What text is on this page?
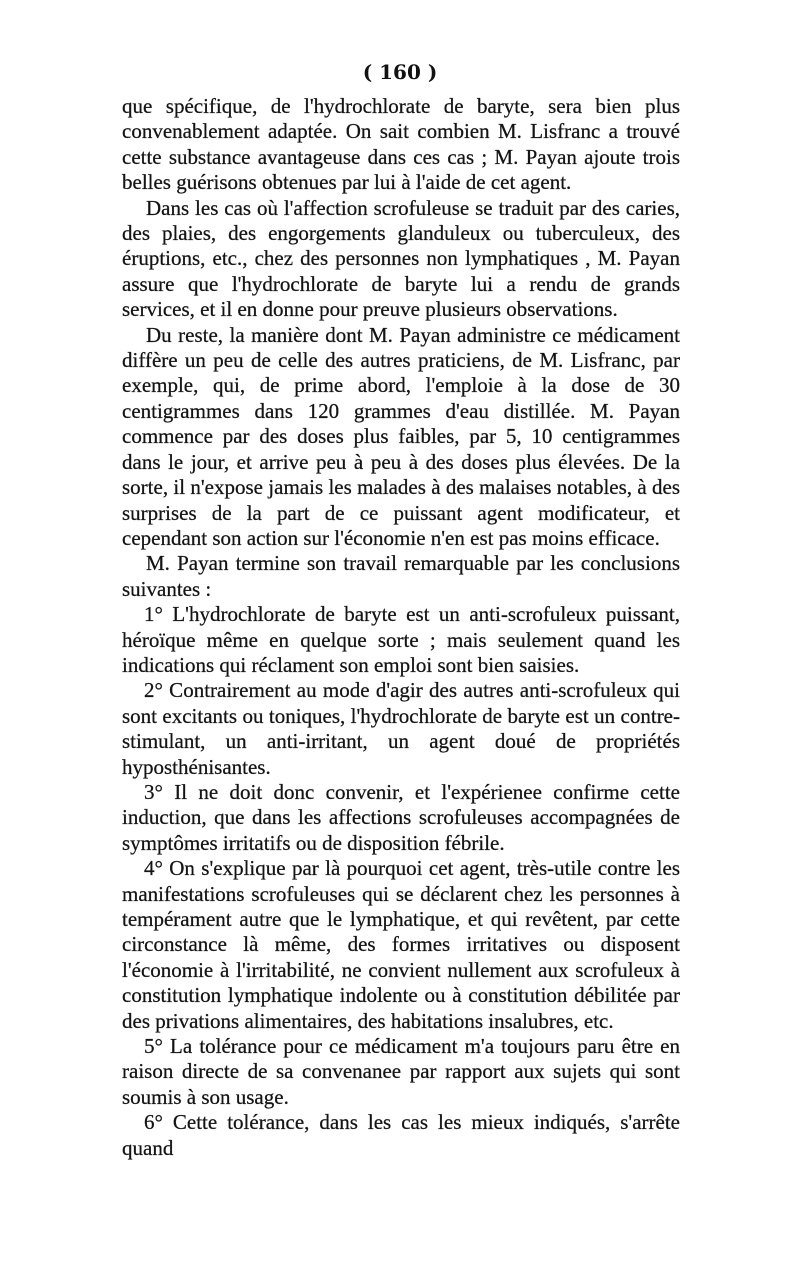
( 160 )

que spécifique, de l'hydrochlorate de baryte, sera bien plus convenablement adaptée. On sait combien M. Lisfranc a trouvé cette substance avantageuse dans ces cas ; M. Payan ajoute trois belles guérisons obtenues par lui à l'aide de cet agent.

Dans les cas où l'affection scrofuleuse se traduit par des caries, des plaies, des engorgements glanduleux ou tuberculeux, des éruptions, etc., chez des personnes non lymphatiques , M. Payan assure que l'hydrochlorate de baryte lui a rendu de grands services, et il en donne pour preuve plusieurs observations.

Du reste, la manière dont M. Payan administre ce médicament diffère un peu de celle des autres praticiens, de M. Lisfranc, par exemple, qui, de prime abord, l'emploie à la dose de 30 centigrammes dans 120 grammes d'eau distillée. M. Payan commence par des doses plus faibles, par 5, 10 centigrammes dans le jour, et arrive peu à peu à des doses plus élevées. De la sorte, il n'expose jamais les malades à des malaises notables, à des surprises de la part de ce puissant agent modificateur, et cependant son action sur l'économie n'en est pas moins efficace.

M. Payan termine son travail remarquable par les conclusions suivantes :

1° L'hydrochlorate de baryte est un anti-scrofuleux puissant, héroïque même en quelque sorte ; mais seulement quand les indications qui réclament son emploi sont bien saisies.

2° Contrairement au mode d'agir des autres anti-scrofuleux qui sont excitants ou toniques, l'hydrochlorate de baryte est un contre-stimulant, un anti-irritant, un agent doué de propriétés hyposthénisantes.

3° Il ne doit donc convenir, et l'expérienee confirme cette induction, que dans les affections scrofuleuses accompagnées de symptômes irritatifs ou de disposition fébrile.

4° On s'explique par là pourquoi cet agent, très-utile contre les manifestations scrofuleuses qui se déclarent chez les personnes à tempérament autre que le lymphatique, et qui revêtent, par cette circonstance là même, des formes irritatives ou disposent l'économie à l'irritabilité, ne convient nullement aux scrofuleux à constitution lymphatique indolente ou à constitution débilitée par des privations alimentaires, des habitations insalubres, etc.

5° La tolérance pour ce médicament m'a toujours paru être en raison directe de sa convenanee par rapport aux sujets qui sont soumis à son usage.

6° Cette tolérance, dans les cas les mieux indiqués, s'arrête quand
